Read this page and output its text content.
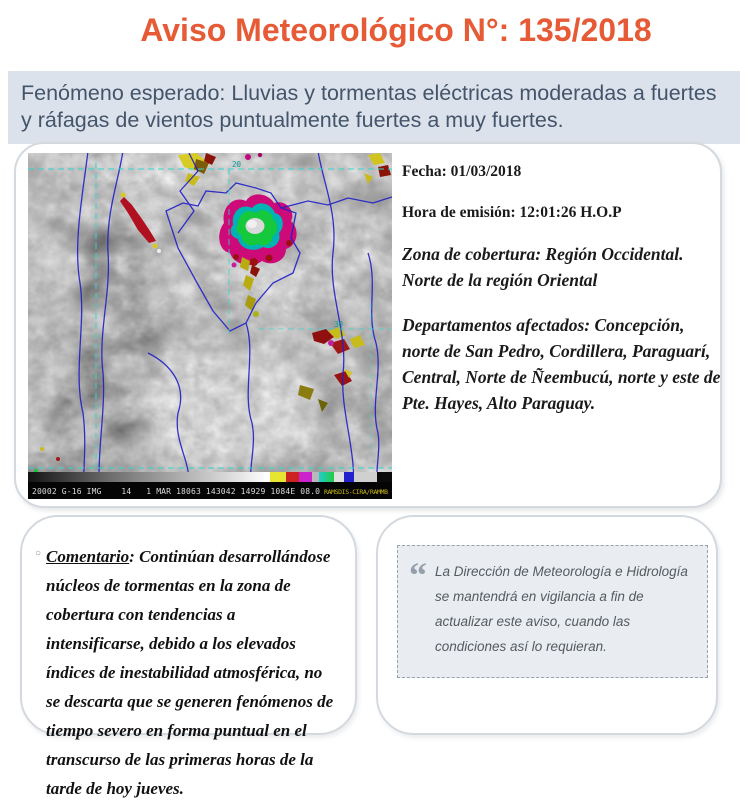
Aviso Meteorológico N°: 135/2018
Fenómeno esperado: Lluvias y tormentas eléctricas moderadas a fuertes y ráfagas de vientos puntualmente fuertes a muy fuertes.
20
30
20002 G-16 IMG    14   1 MAR 18063 143042 14929 1084E 08.0 RAMSDIS-CIRA/RAMMB

Fecha: 01/03/2018

Hora de emisión: 12:01:26 H.O.P

Zona de cobertura: Región Occidental. Norte de la región Oriental

Departamentos afectados: Concepción, norte de San Pedro, Cordillera, Paraguarí, Central, Norte de Ñeembucú, norte y este de Pte. Hayes, Alto Paraguay.

○ Comentario: Continúan desarrollándose núcleos de tormentas en la zona de cobertura con tendencias a intensificarse, debido a los elevados índices de inestabilidad atmosférica, no se descarta que se generen fenómenos de tiempo severo en forma puntual en el transcurso de las primeras horas de la tarde de hoy jueves.

“ La Dirección de Meteorología e Hidrología se mantendrá en vigilancia a fin de actualizar este aviso, cuando las condiciones así lo requieran.
